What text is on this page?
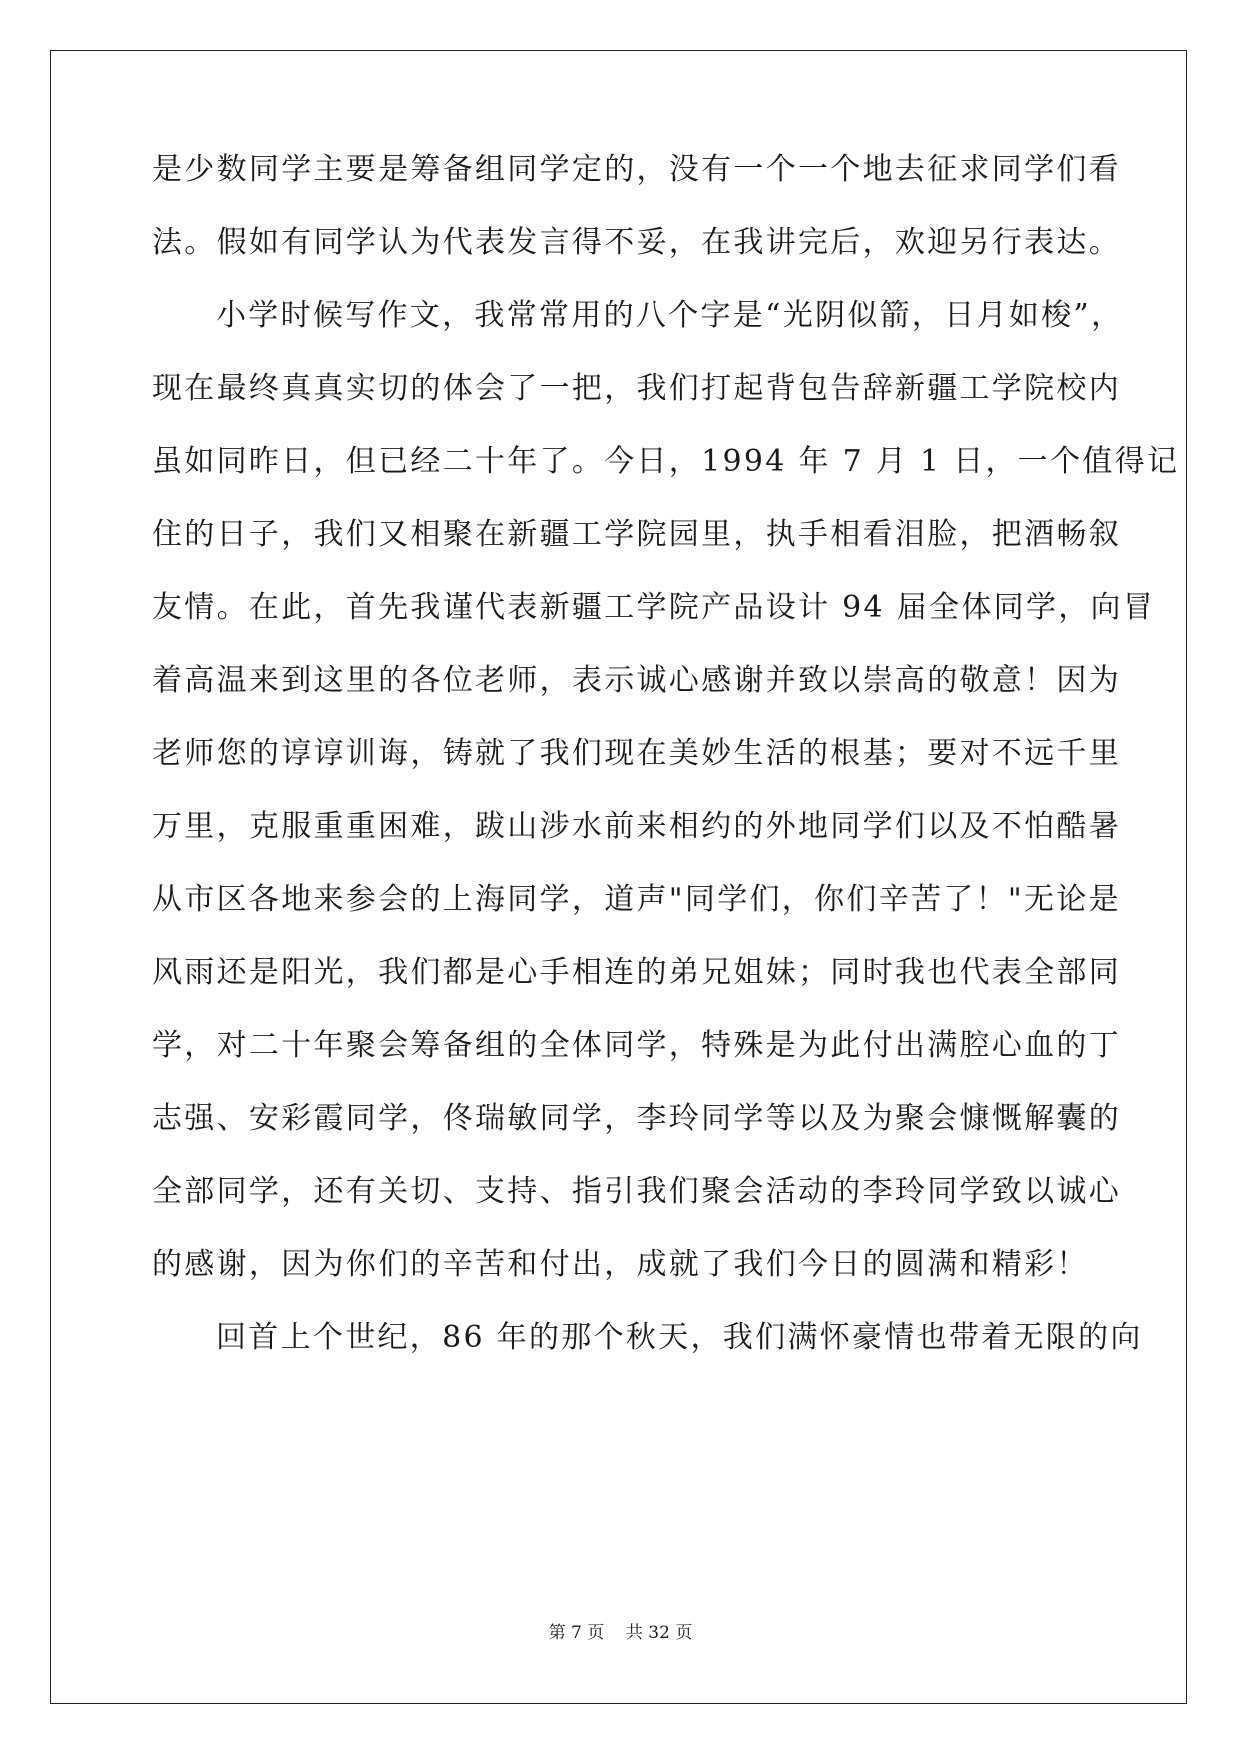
是少数同学主要是筹备组同学定的，没有一个一个地去征求同学们看
法。假如有同学认为代表发言得不妥，在我讲完后，欢迎另行表达。
小学时候写作文，我常常用的八个字是“光阴似箭，日月如梭”，
现在最终真真实切的体会了一把，我们打起背包告辞新疆工学院校内
虽如同昨日，但已经二十年了。今日，1994 年 7 月 1 日，一个值得记
住的日子，我们又相聚在新疆工学院园里，执手相看泪脸，把酒畅叙
友情。在此，首先我谨代表新疆工学院产品设计 94 届全体同学，向冒
着高温来到这里的各位老师，表示诚心感谢并致以崇高的敬意！因为
老师您的谆谆训诲，铸就了我们现在美妙生活的根基；要对不远千里
万里，克服重重困难，跋山涉水前来相约的外地同学们以及不怕酷暑
从市区各地来参会的上海同学，道声"同学们，你们辛苦了！"无论是
风雨还是阳光，我们都是心手相连的弟兄姐妹；同时我也代表全部同
学，对二十年聚会筹备组的全体同学，特殊是为此付出满腔心血的丁
志强、安彩霞同学，佟瑞敏同学，李玲同学等以及为聚会慷慨解囊的
全部同学，还有关切、支持、指引我们聚会活动的李玲同学致以诚心
的感谢，因为你们的辛苦和付出，成就了我们今日的圆满和精彩！
回首上个世纪，86 年的那个秋天，我们满怀豪情也带着无限的向
第 7 页    共 32 页
